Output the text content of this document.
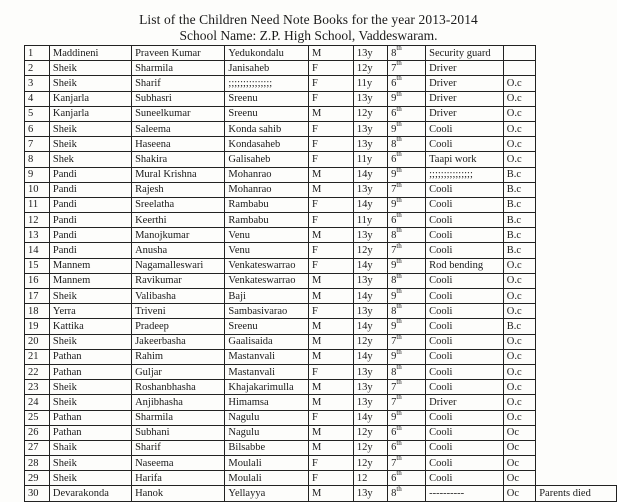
List of the Children Need Note Books for the year 2013-2014
School Name: Z.P. High School, Vaddeswaram.
1	Maddineni	Praveen Kumar	Yedukondalu	M	13y	8th	Security guard		
2	Sheik	Sharmila	Janisaheb	F	12y	7th	Driver		
3	Sheik	Sharif	;;;;;;;;;;;;;;;	F	11y	6th	Driver	O.c	
4	Kanjarla	Subhasri	Sreenu	F	13y	9th	Driver	O.c	
5	Kanjarla	Suneelkumar	Sreenu	M	12y	6th	Driver	O.c	
6	Sheik	Saleema	Konda sahib	F	13y	9th	Cooli	O.c	
7	Sheik	Haseena	Kondasaheb	F	13y	8th	Cooli	O.c	
8	Shek	Shakira	Galisaheb	F	11y	6th	Taapi work	O.c	
9	Pandi	Mural Krishna	Mohanrao	M	14y	9th	;;;;;;;;;;;;;;;	B.c	
10	Pandi	Rajesh	Mohanrao	M	13y	7th	Cooli	B.c	
11	Pandi	Sreelatha	Rambabu	F	14y	9th	Cooli	B.c	
12	Pandi	Keerthi	Rambabu	F	11y	6th	Cooli	B.c	
13	Pandi	Manojkumar	Venu	M	13y	8th	Cooli	B.c	
14	Pandi	Anusha	Venu	F	12y	7th	Cooli	B.c	
15	Mannem	Nagamalleswari	Venkateswarrao	F	14y	9th	Rod bending	O.c	
16	Mannem	Ravikumar	Venkateswarrao	M	13y	8th	Cooli	O.c	
17	Sheik	Valibasha	Baji	M	14y	9th	Cooli	O.c	
18	Yerra	Triveni	Sambasivarao	F	13y	8th	Cooli	O.c	
19	Kattika	Pradeep	Sreenu	M	14y	9th	Cooli	B.c	
20	Sheik	Jakeerbasha	Gaalisaida	M	12y	7th	Cooli	O.c	
21	Pathan	Rahim	Mastanvali	M	14y	9th	Cooli	O.c	
22	Pathan	Guljar	Mastanvali	F	13y	8th	Cooli	O.c	
23	Sheik	Roshanbhasha	Khajakarimulla	M	13y	7th	Cooli	O.c	
24	Sheik	Anjibhasha	Himamsa	M	13y	7th	Driver	O.c	
25	Pathan	Sharmila	Nagulu	F	14y	9th	Cooli	O.c	
26	Pathan	Subhani	Nagulu	M	12y	6th	Cooli	Oc	
27	Shaik	Sharif	Bilsabbe	M	12y	6th	Cooli	Oc	
28	Sheik	Naseema	Moulali	F	12y	7th	Cooli	Oc	
29	Sheik	Harifa	Moulali	F	12	6th	Cooli	Oc	
30	Devarakonda	Hanok	Yellayya	M	13y	8th	----------	Oc	Parents died
